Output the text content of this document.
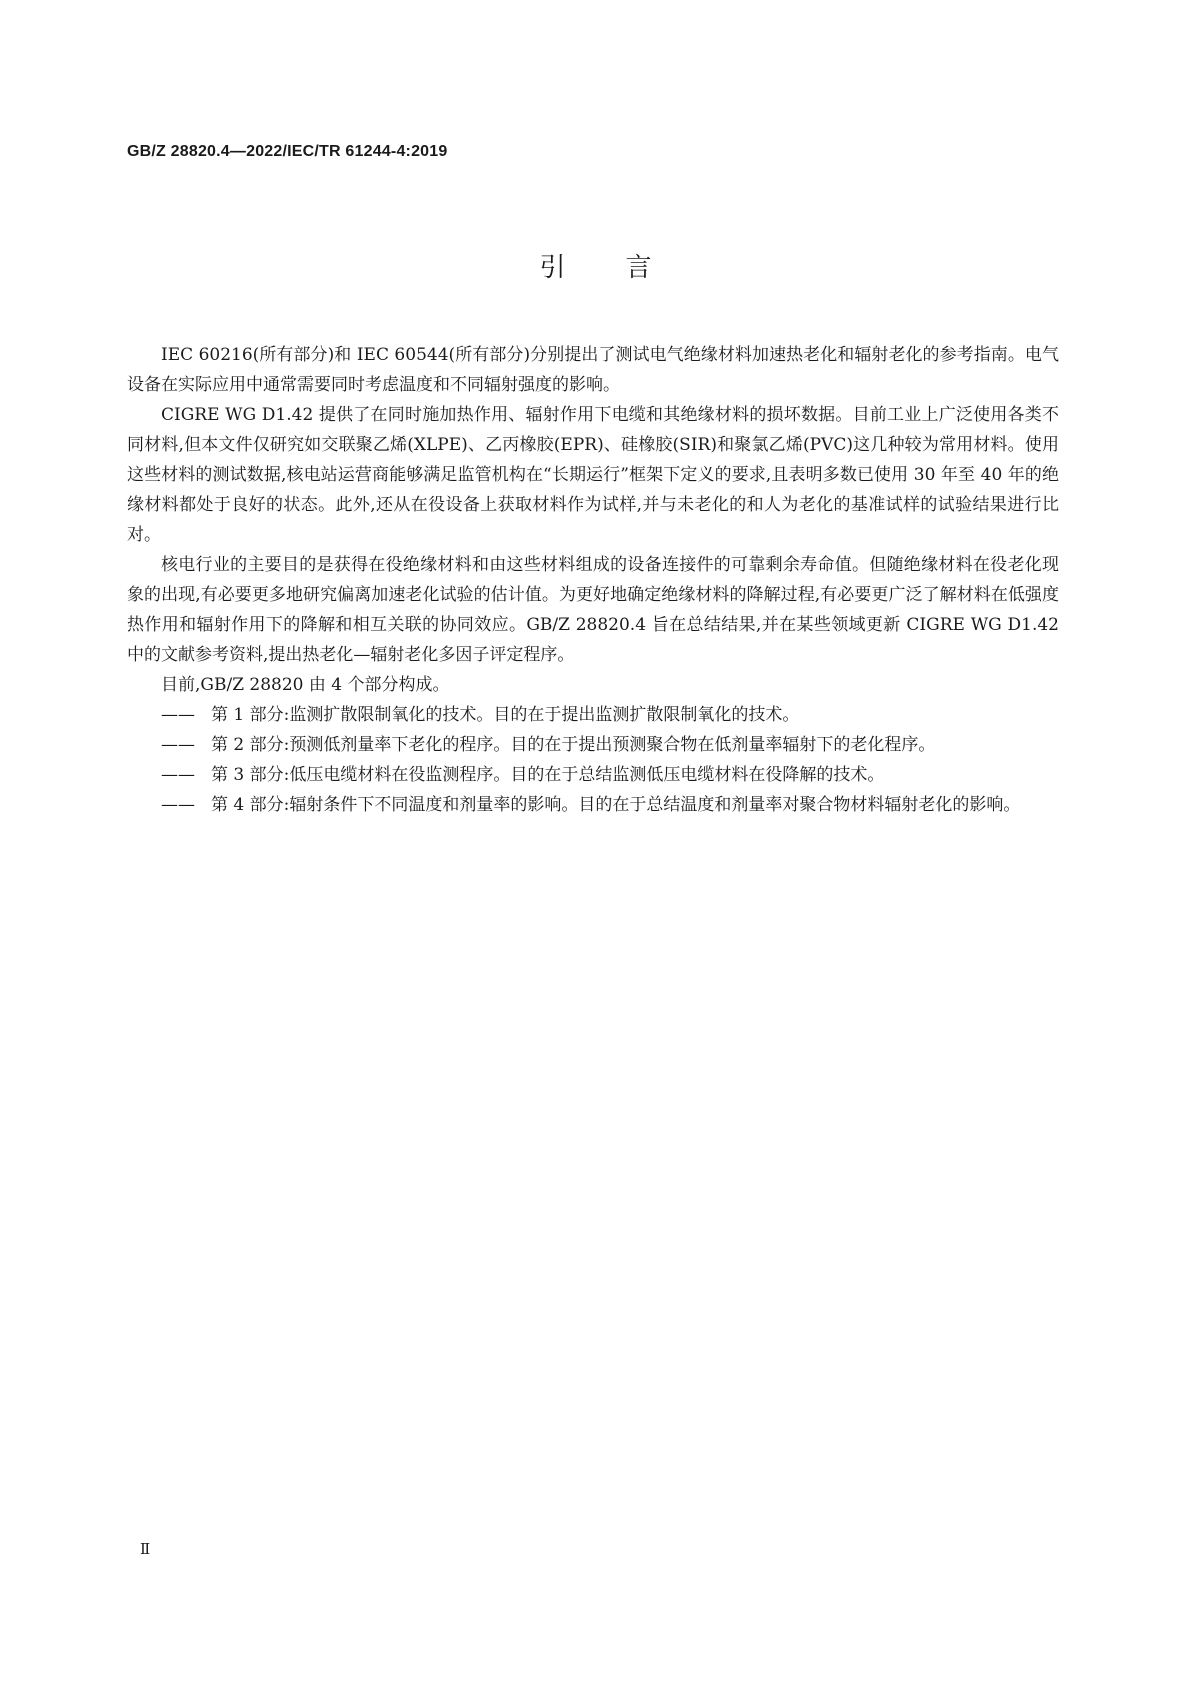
GB/Z 28820.4—2022/IEC/TR 61244-4:2019
引言

IEC 60216(所有部分)和 IEC 60544(所有部分)分别提出了测试电气绝缘材料加速热老化和辐射老化的参考指南。电气设备在实际应用中通常需要同时考虑温度和不同辐射强度的影响。

CIGRE WG D1.42 提供了在同时施加热作用、辐射作用下电缆和其绝缘材料的损坏数据。目前工业上广泛使用各类不同材料,但本文件仅研究如交联聚乙烯(XLPE)、乙丙橡胶(EPR)、硅橡胶(SIR)和聚氯乙烯(PVC)这几种较为常用材料。使用这些材料的测试数据,核电站运营商能够满足监管机构在“长期运行”框架下定义的要求,且表明多数已使用 30 年至 40 年的绝缘材料都处于良好的状态。此外,还从在役设备上获取材料作为试样,并与未老化的和人为老化的基准试样的试验结果进行比对。

核电行业的主要目的是获得在役绝缘材料和由这些材料组成的设备连接件的可靠剩余寿命值。但随绝缘材料在役老化现象的出现,有必要更多地研究偏离加速老化试验的估计值。为更好地确定绝缘材料的降解过程,有必要更广泛了解材料在低强度热作用和辐射作用下的降解和相互关联的协同效应。GB/Z 28820.4 旨在总结结果,并在某些领域更新 CIGRE WG D1.42 中的文献参考资料,提出热老化—辐射老化多因子评定程序。

目前,GB/Z 28820 由 4 个部分构成。

—— 第 1 部分:监测扩散限制氧化的技术。目的在于提出监测扩散限制氧化的技术。
—— 第 2 部分:预测低剂量率下老化的程序。目的在于提出预测聚合物在低剂量率辐射下的老化程序。
—— 第 3 部分:低压电缆材料在役监测程序。目的在于总结监测低压电缆材料在役降解的技术。
—— 第 4 部分:辐射条件下不同温度和剂量率的影响。目的在于总结温度和剂量率对聚合物材料辐射老化的影响。
Ⅱ
